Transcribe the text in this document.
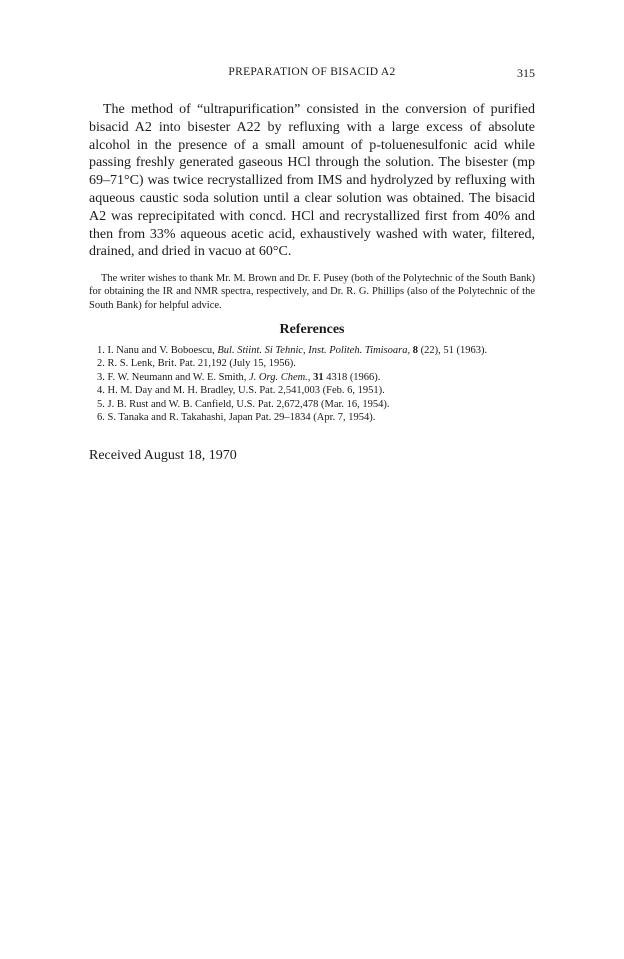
PREPARATION OF BISACID A2	315

The method of “ultrapurification” consisted in the conversion of purified bisacid A2 into bisester A22 by refluxing with a large excess of absolute alcohol in the presence of a small amount of p-toluenesulfonic acid while passing freshly generated gaseous HCl through the solution. The bisester (mp 69–71°C) was twice recrystallized from IMS and hydrolyzed by refluxing with aqueous caustic soda solution until a clear solution was obtained. The bisacid A2 was reprecipitated with concd. HCl and recrystallized first from 40% and then from 33% aqueous acetic acid, exhaustively washed with water, filtered, drained, and dried in vacuo at 60°C.

The writer wishes to thank Mr. M. Brown and Dr. F. Pusey (both of the Polytechnic of the South Bank) for obtaining the IR and NMR spectra, respectively, and Dr. R. G. Phillips (also of the Polytechnic of the South Bank) for helpful advice.

References
1. I. Nanu and V. Boboescu, Bul. Stiint. Si Tehnic, Inst. Politeh. Timisoara, 8 (22), 51 (1963).
2. R. S. Lenk, Brit. Pat. 21,192 (July 15, 1956).
3. F. W. Neumann and W. E. Smith, J. Org. Chem., 31 4318 (1966).
4. H. M. Day and M. H. Bradley, U.S. Pat. 2,541,003 (Feb. 6, 1951).
5. J. B. Rust and W. B. Canfield, U.S. Pat. 2,672,478 (Mar. 16, 1954).
6. S. Tanaka and R. Takahashi, Japan Pat. 29–1834 (Apr. 7, 1954).
Received August 18, 1970
